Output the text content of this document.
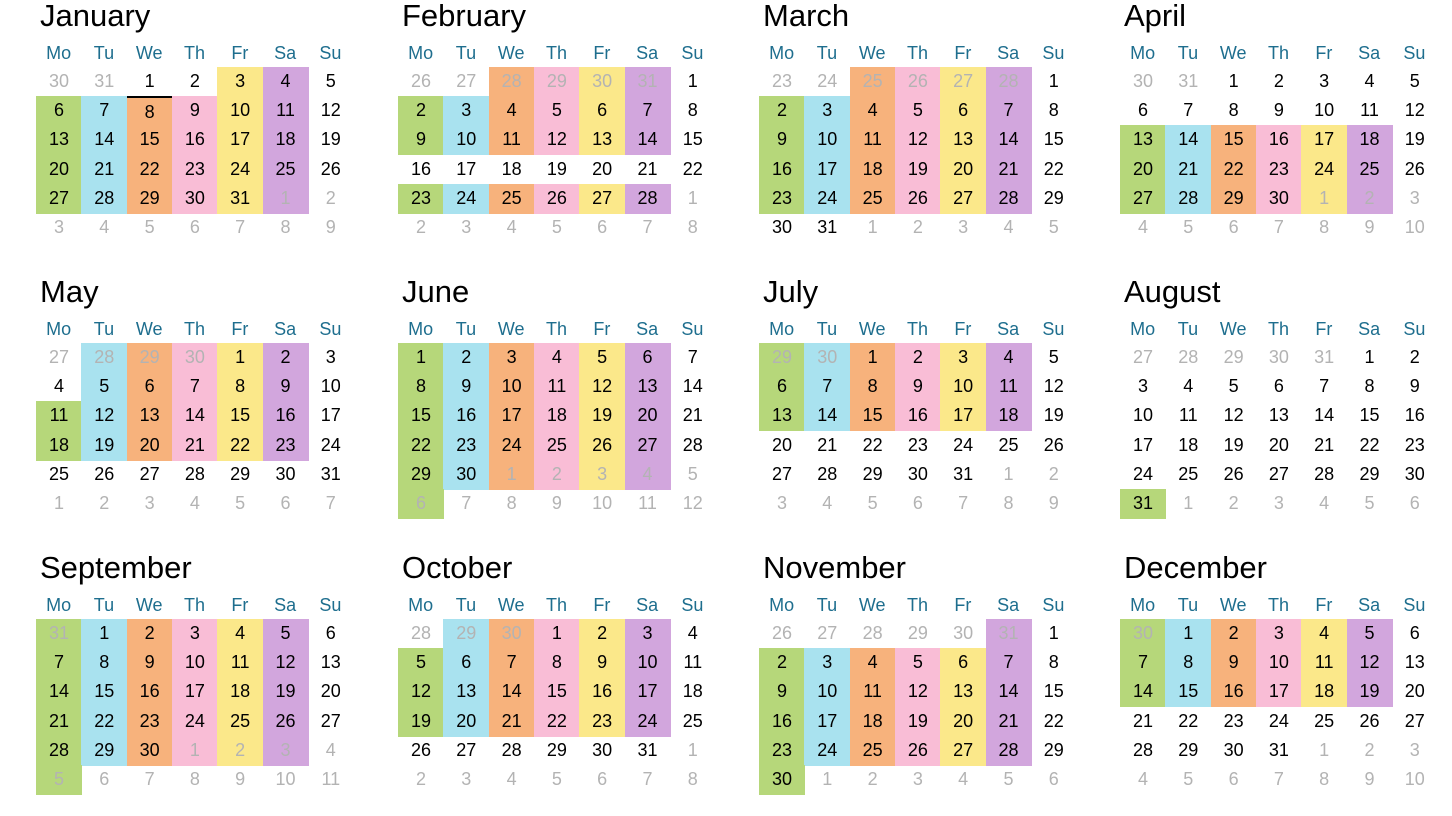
January
Mo	Tu	We	Th	Fr	Sa	Su
30	31	1	2	3	4	5
6	7	8	9	10	11	12
13	14	15	16	17	18	19
20	21	22	23	24	25	26
27	28	29	30	31	1	2
3	4	5	6	7	8	9
February
Mo	Tu	We	Th	Fr	Sa	Su
26	27	28	29	30	31	1
2	3	4	5	6	7	8
9	10	11	12	13	14	15
16	17	18	19	20	21	22
23	24	25	26	27	28	1
2	3	4	5	6	7	8
March
Mo	Tu	We	Th	Fr	Sa	Su
23	24	25	26	27	28	1
2	3	4	5	6	7	8
9	10	11	12	13	14	15
16	17	18	19	20	21	22
23	24	25	26	27	28	29
30	31	1	2	3	4	5
April
Mo	Tu	We	Th	Fr	Sa	Su
30	31	1	2	3	4	5
6	7	8	9	10	11	12
13	14	15	16	17	18	19
20	21	22	23	24	25	26
27	28	29	30	1	2	3
4	5	6	7	8	9	10
May
Mo	Tu	We	Th	Fr	Sa	Su
27	28	29	30	1	2	3
4	5	6	7	8	9	10
11	12	13	14	15	16	17
18	19	20	21	22	23	24
25	26	27	28	29	30	31
1	2	3	4	5	6	7
June
Mo	Tu	We	Th	Fr	Sa	Su
1	2	3	4	5	6	7
8	9	10	11	12	13	14
15	16	17	18	19	20	21
22	23	24	25	26	27	28
29	30	1	2	3	4	5
6	7	8	9	10	11	12
July
Mo	Tu	We	Th	Fr	Sa	Su
29	30	1	2	3	4	5
6	7	8	9	10	11	12
13	14	15	16	17	18	19
20	21	22	23	24	25	26
27	28	29	30	31	1	2
3	4	5	6	7	8	9
August
Mo	Tu	We	Th	Fr	Sa	Su
27	28	29	30	31	1	2
3	4	5	6	7	8	9
10	11	12	13	14	15	16
17	18	19	20	21	22	23
24	25	26	27	28	29	30
31	1	2	3	4	5	6
September
Mo	Tu	We	Th	Fr	Sa	Su
31	1	2	3	4	5	6
7	8	9	10	11	12	13
14	15	16	17	18	19	20
21	22	23	24	25	26	27
28	29	30	1	2	3	4
5	6	7	8	9	10	11
October
Mo	Tu	We	Th	Fr	Sa	Su
28	29	30	1	2	3	4
5	6	7	8	9	10	11
12	13	14	15	16	17	18
19	20	21	22	23	24	25
26	27	28	29	30	31	1
2	3	4	5	6	7	8
November
Mo	Tu	We	Th	Fr	Sa	Su
26	27	28	29	30	31	1
2	3	4	5	6	7	8
9	10	11	12	13	14	15
16	17	18	19	20	21	22
23	24	25	26	27	28	29
30	1	2	3	4	5	6
December
Mo	Tu	We	Th	Fr	Sa	Su
30	1	2	3	4	5	6
7	8	9	10	11	12	13
14	15	16	17	18	19	20
21	22	23	24	25	26	27
28	29	30	31	1	2	3
4	5	6	7	8	9	10
